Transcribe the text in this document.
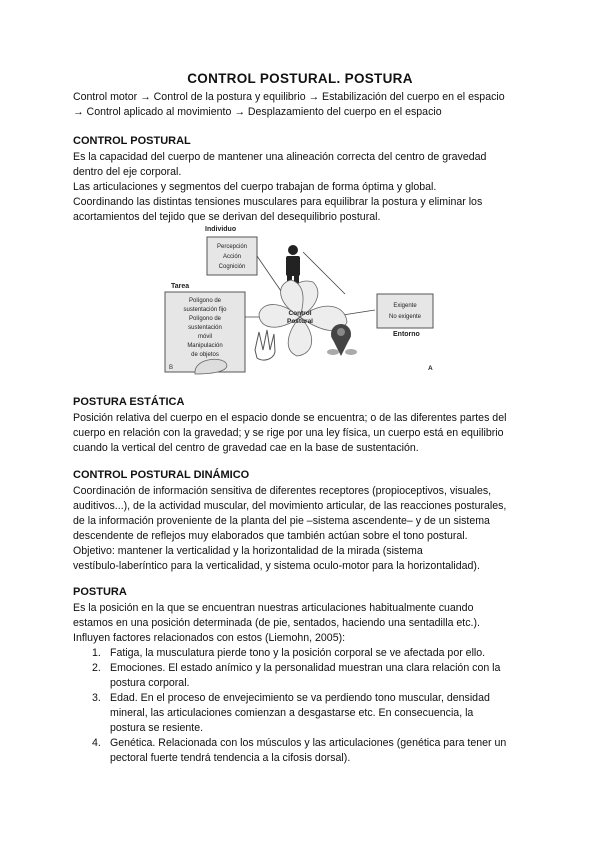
CONTROL POSTURAL. POSTURA
Control motor → Control de la postura y equilibrio → Estabilización del cuerpo en el espacio
→ Control aplicado al movimiento → Desplazamiento del cuerpo en el espacio
CONTROL POSTURAL
Es la capacidad del cuerpo de mantener una alineación correcta del centro de gravedad
dentro del eje corporal.
Las articulaciones y segmentos del cuerpo trabajan de forma óptima y global.
Coordinando las distintas tensiones musculares para equilibrar la postura y eliminar los
acortamientos del tejido que se derivan del desequilibrio postural.
Individuo
Percepción
Acción
Cognición
Tarea
Polígono de
sustentación fijo
Polígono de
sustentación
móvil
Manipulación
de objetos
B
Control
Postural
Exigente
No exigente
Entorno
A
POSTURA ESTÁTICA
Posición relativa del cuerpo en el espacio donde se encuentra; o de las diferentes partes del
cuerpo en relación con la gravedad; y se rige por una ley física, un cuerpo está en equilibrio
cuando la vertical del centro de gravedad cae en la base de sustentación.
CONTROL POSTURAL DINÁMICO
Coordinación de información sensitiva de diferentes receptores (propioceptivos, visuales,
auditivos...), de la actividad muscular, del movimiento articular, de las reacciones posturales,
de la información proveniente de la planta del pie –sistema ascendente– y de un sistema
descendente de reflejos muy elaborados que también actúan sobre el tono postural.
Objetivo: mantener la verticalidad y la horizontalidad de la mirada (sistema
vestíbulo-laberíntico para la verticalidad, y sistema oculo-motor para la horizontalidad).
POSTURA
Es la posición en la que se encuentran nuestras articulaciones habitualmente cuando
estamos en una posición determinada (de pie, sentados, haciendo una sentadilla etc.).
Influyen factores relacionados con estos (Liemohn, 2005):
1. Fatiga, la musculatura pierde tono y la posición corporal se ve afectada por ello.
2. Emociones. El estado anímico y la personalidad muestran una clara relación con la
postura corporal.
3. Edad. En el proceso de envejecimiento se va perdiendo tono muscular, densidad
mineral, las articulaciones comienzan a desgastarse etc. En consecuencia, la
postura se resiente.
4. Genética. Relacionada con los músculos y las articulaciones (genética para tener un
pectoral fuerte tendrá tendencia a la cifosis dorsal).
